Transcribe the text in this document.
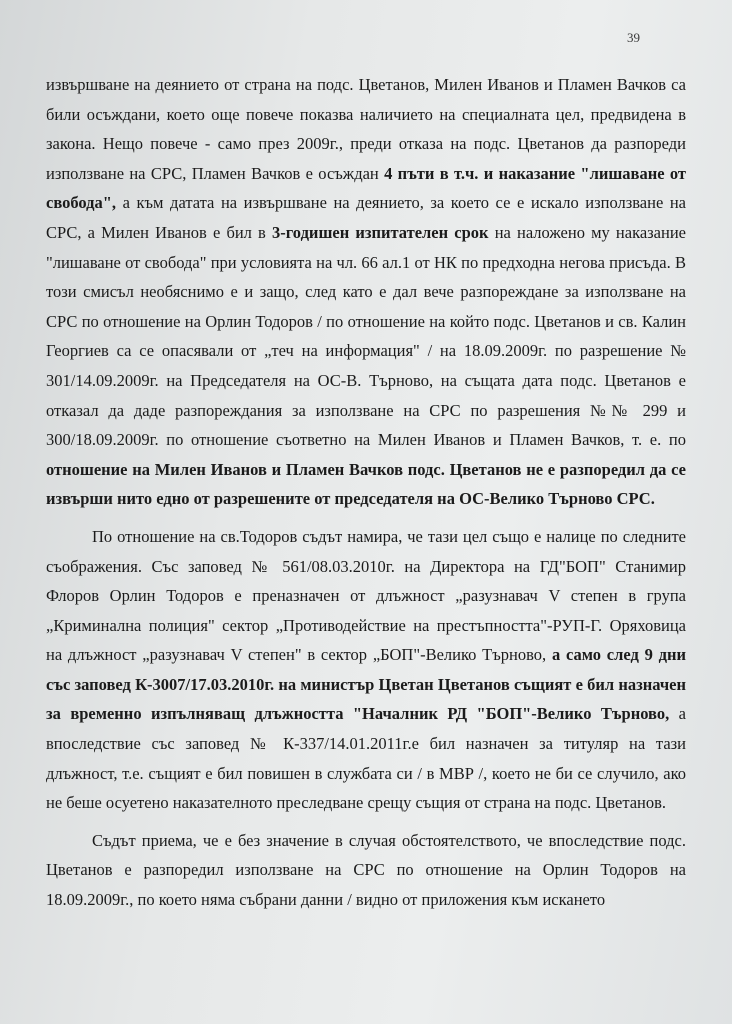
39

извършване на деянието от страна на подс. Цветанов, Милен Иванов и Пламен Вачков са били осъждани, което още повече показва наличието на специалната цел, предвидена в закона. Нещо повече - само през 2009г., преди отказа на подс. Цветанов да разпореди използване на СРС, Пламен Вачков е осъждан 4 пъти в т.ч. и наказание "лишаване от свобода", а към датата на извършване на деянието, за което се е искало използване на СРС, а Милен Иванов е бил в 3-годишен изпитателен срок на наложено му наказание "лишаване от свобода" при условията на чл. 66 ал.1 от НК по предходна негова присъда. В този смисъл необяснимо е и защо, след като е дал вече разпореждане за използване на СРС по отношение на Орлин Тодоров / по отношение на който подс. Цветанов и св. Калин Георгиев са се опасявали от „теч на информация" / на 18.09.2009г. по разрешение № 301/14.09.2009г. на Председателя на ОС-В. Търново, на същата дата подс. Цветанов е отказал да даде разпореждания за използване на СРС по разрешения №№ 299 и 300/18.09.2009г. по отношение съответно на Милен Иванов и Пламен Вачков, т. е. по отношение на Милен Иванов и Пламен Вачков подс. Цветанов не е разпоредил да се извърши нито едно от разрешените от председателя на ОС-Велико Търново СРС.

По отношение на св.Тодоров съдът намира, че тази цел също е налице по следните съображения. Със заповед № 561/08.03.2010г. на Директора на ГД"БОП" Станимир Флоров Орлин Тодоров е преназначен от длъжност „разузнавач V степен в група „Криминална полиция" сектор „Противодействие на престъпността"-РУП-Г. Оряховица на длъжност „разузнавач V степен" в сектор „БОП"-Велико Търново, а само след 9 дни със заповед К-3007/17.03.2010г. на министър Цветан Цветанов същият е бил назначен за временно изпълняващ длъжността "Началник РД "БОП"-Велико Търново, а впоследствие със заповед № К-337/14.01.2011г.е бил назначен за титуляр на тази длъжност, т.е. същият е бил повишен в службата си / в МВР /, което не би се случило, ако не беше осуетено наказателното преследване срещу същия от страна на подс. Цветанов.

Съдът приема, че е без значение в случая обстоятелството, че впоследствие подс. Цветанов е разпоредил използване на СРС по отношение на Орлин Тодоров на 18.09.2009г., по което няма събрани данни / видно от приложения към искането
